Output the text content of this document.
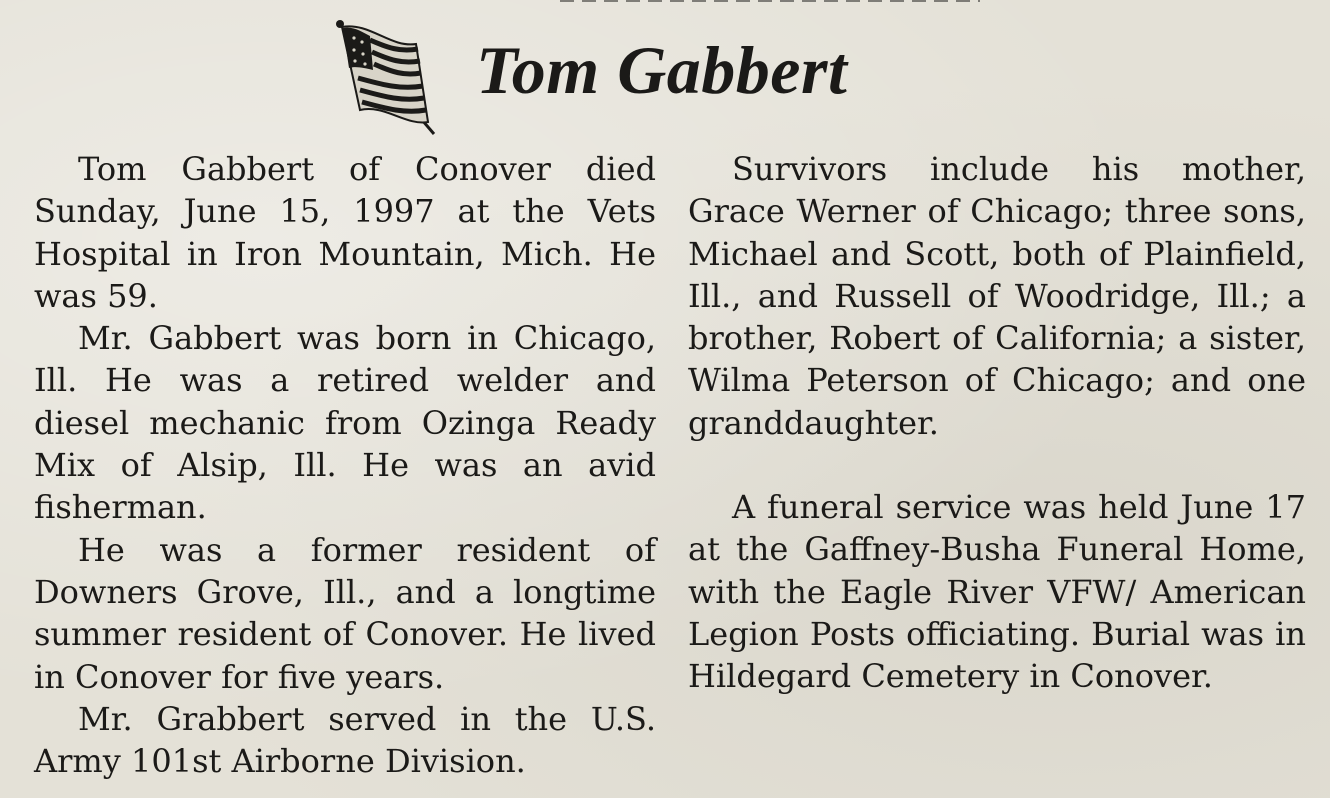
Tom Gabbert

Tom Gabbert of Conover died Sunday, June 15, 1997 at the Vets Hospital in Iron Mountain, Mich. He was 59.

Mr. Gabbert was born in Chicago, Ill. He was a retired welder and diesel mechanic from Ozinga Ready Mix of Alsip, Ill. He was an avid fisherman.

He was a former resident of Downers Grove, Ill., and a longtime summer resident of Conover. He lived in Conover for five years.

Mr. Grabbert served in the U.S. Army 101st Airborne Division.

Survivors include his mother, Grace Werner of Chicago; three sons, Michael and Scott, both of Plainfield, Ill., and Russell of Woodridge, Ill.; a brother, Robert of California; a sister, Wilma Peterson of Chicago; and one granddaughter.

A funeral service was held June 17 at the Gaffney-Busha Funeral Home, with the Eagle River VFW/ American Legion Posts officiating. Burial was in Hildegard Cemetery in Conover.
